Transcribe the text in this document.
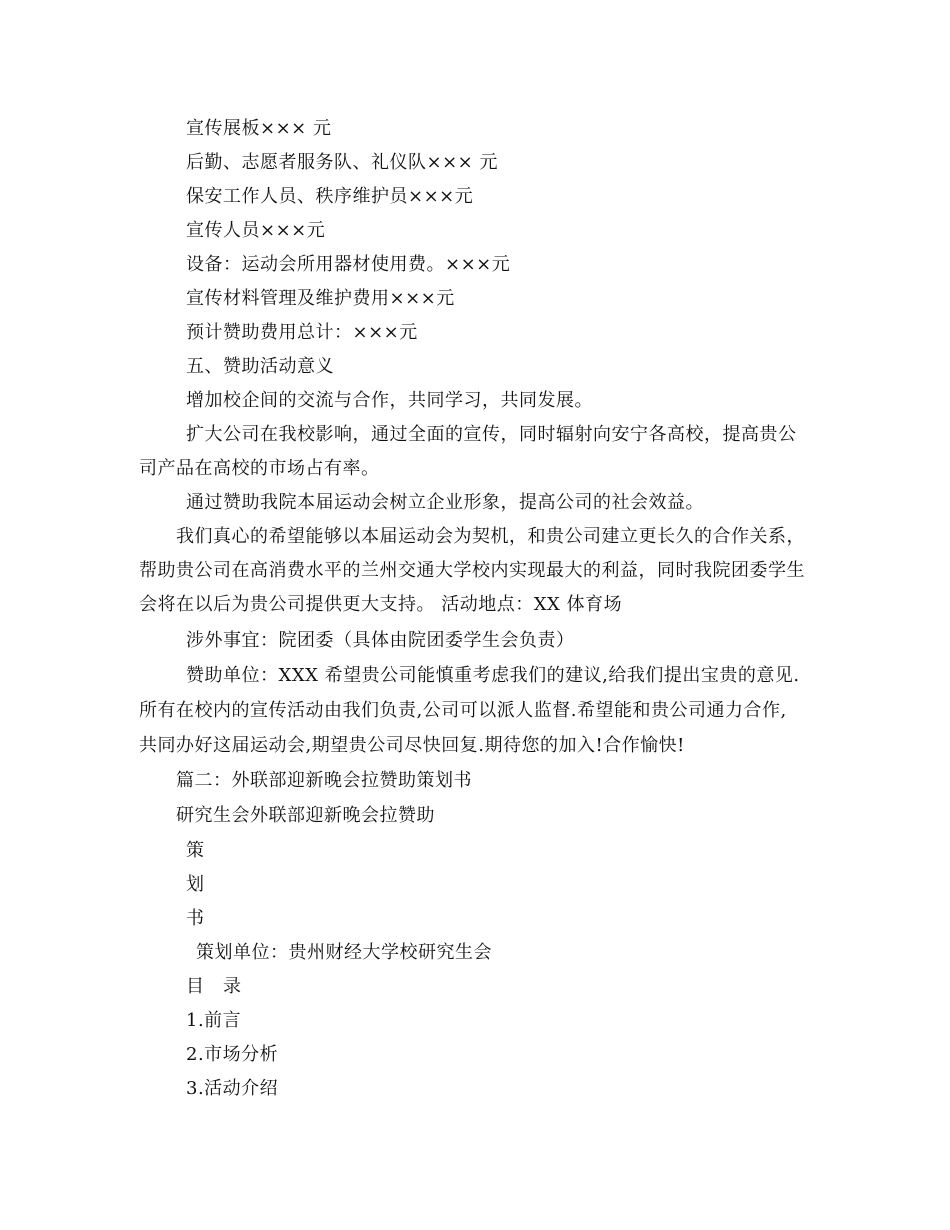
宣传展板××× 元
后勤、志愿者服务队、礼仪队××× 元
保安工作人员、秩序维护员×××元
宣传人员×××元
设备：运动会所用器材使用费。×××元
宣传材料管理及维护费用×××元
预计赞助费用总计：×××元
五、赞助活动意义
增加校企间的交流与合作，共同学习，共同发展。
扩大公司在我校影响，通过全面的宣传，同时辐射向安宁各高校，提高贵公
司产品在高校的市场占有率。
通过赞助我院本届运动会树立企业形象，提高公司的社会效益。
我们真心的希望能够以本届运动会为契机，和贵公司建立更长久的合作关系，
帮助贵公司在高消费水平的兰州交通大学校内实现最大的利益，同时我院团委学生
会将在以后为贵公司提供更大支持。 活动地点：XX 体育场
涉外事宜：院团委（具体由院团委学生会负责）
赞助单位：XXX 希望贵公司能慎重考虑我们的建议,给我们提出宝贵的意见.
所有在校内的宣传活动由我们负责,公司可以派人监督.希望能和贵公司通力合作,
共同办好这届运动会,期望贵公司尽快回复.期待您的加入!合作愉快!
篇二：外联部迎新晚会拉赞助策划书
研究生会外联部迎新晚会拉赞助
策
划
书
策划单位：贵州财经大学校研究生会
目　录
1.前言
2.市场分析
3.活动介绍
